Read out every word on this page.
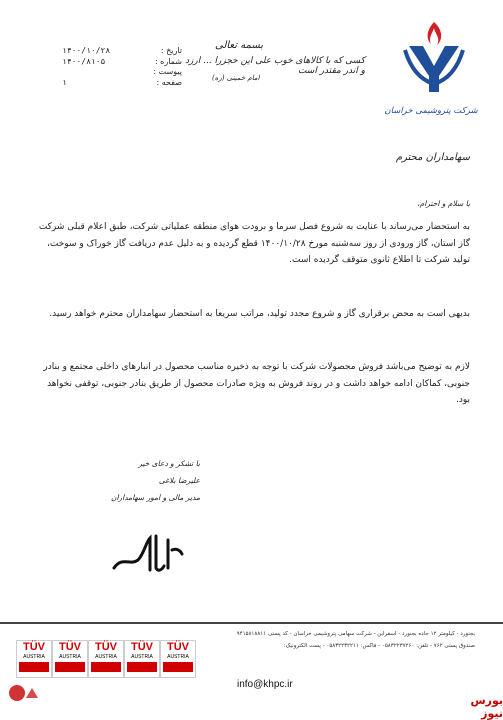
تاریخ :
۱۴۰۰/۱۰/۲۸
شماره :
۱۴۰۰/۸۱۰۵
پیوست :
صفحه :
۱
بسمه تعالی
کسی که با کالاهای خوب علی این حجزرا ... ارزد و اندر مقتدر است
امام خمینی (ره)
شرکت پتروشیمی خراسان
سهامداران محترم
با سلام و احترام،
به استحضار می‌رساند با عنایت به شروع فصل سرما و برودت هوای منطقه عملیاتی شرکت، طبق اعلام قبلی شرکت گاز استان، گاز ورودی از روز سه‌شنبه مورخ ۱۴۰۰/۱۰/۲۸ قطع گردیده و به دلیل عدم دریافت گاز خوراک و سوخت، تولید شرکت تا اطلاع ثانوی متوقف گردیده است.
بدیهی است به محض برقراری گاز و شروع مجدد تولید، مراتب سریعا به استحضار سهامداران محترم خواهد رسید.
لازم به توضیح می‌باشد فروش محصولات شرکت با توجه به ذخیره مناسب محصول در انبارهای داخلی مجتمع و بنادر جنوبی، کماکان ادامه خواهد داشت و در روند فروش به ویژه صادرات محصول از طریق بنادر جنوبی، توقفی نخواهد بود.
با تشکر و دعای خیر
علیرضا بلاغی
مدیر مالی و امور سهامداران
بجنورد - کیلومتر ۱۲ جاده بجنورد - اسفراین - شرکت سهامی پتروشیمی خراسان - کد پستی ۹۴۱۵۸۱۸۸۱۱
صندوق پستی ۷۶۲ - تلفن: ۰۵۸۳۲۲۳۷۲۶۰ - فاکس: ۰۵۸۳۲۲۳۲۲۱۱ - پست الکترونیک:
info@khpc.ir
TÜV
AUSTRIA
TÜV
AUSTRIA
TÜV
AUSTRIA
TÜV
AUSTRIA
TÜV
AUSTRIA
بورس نیوز
